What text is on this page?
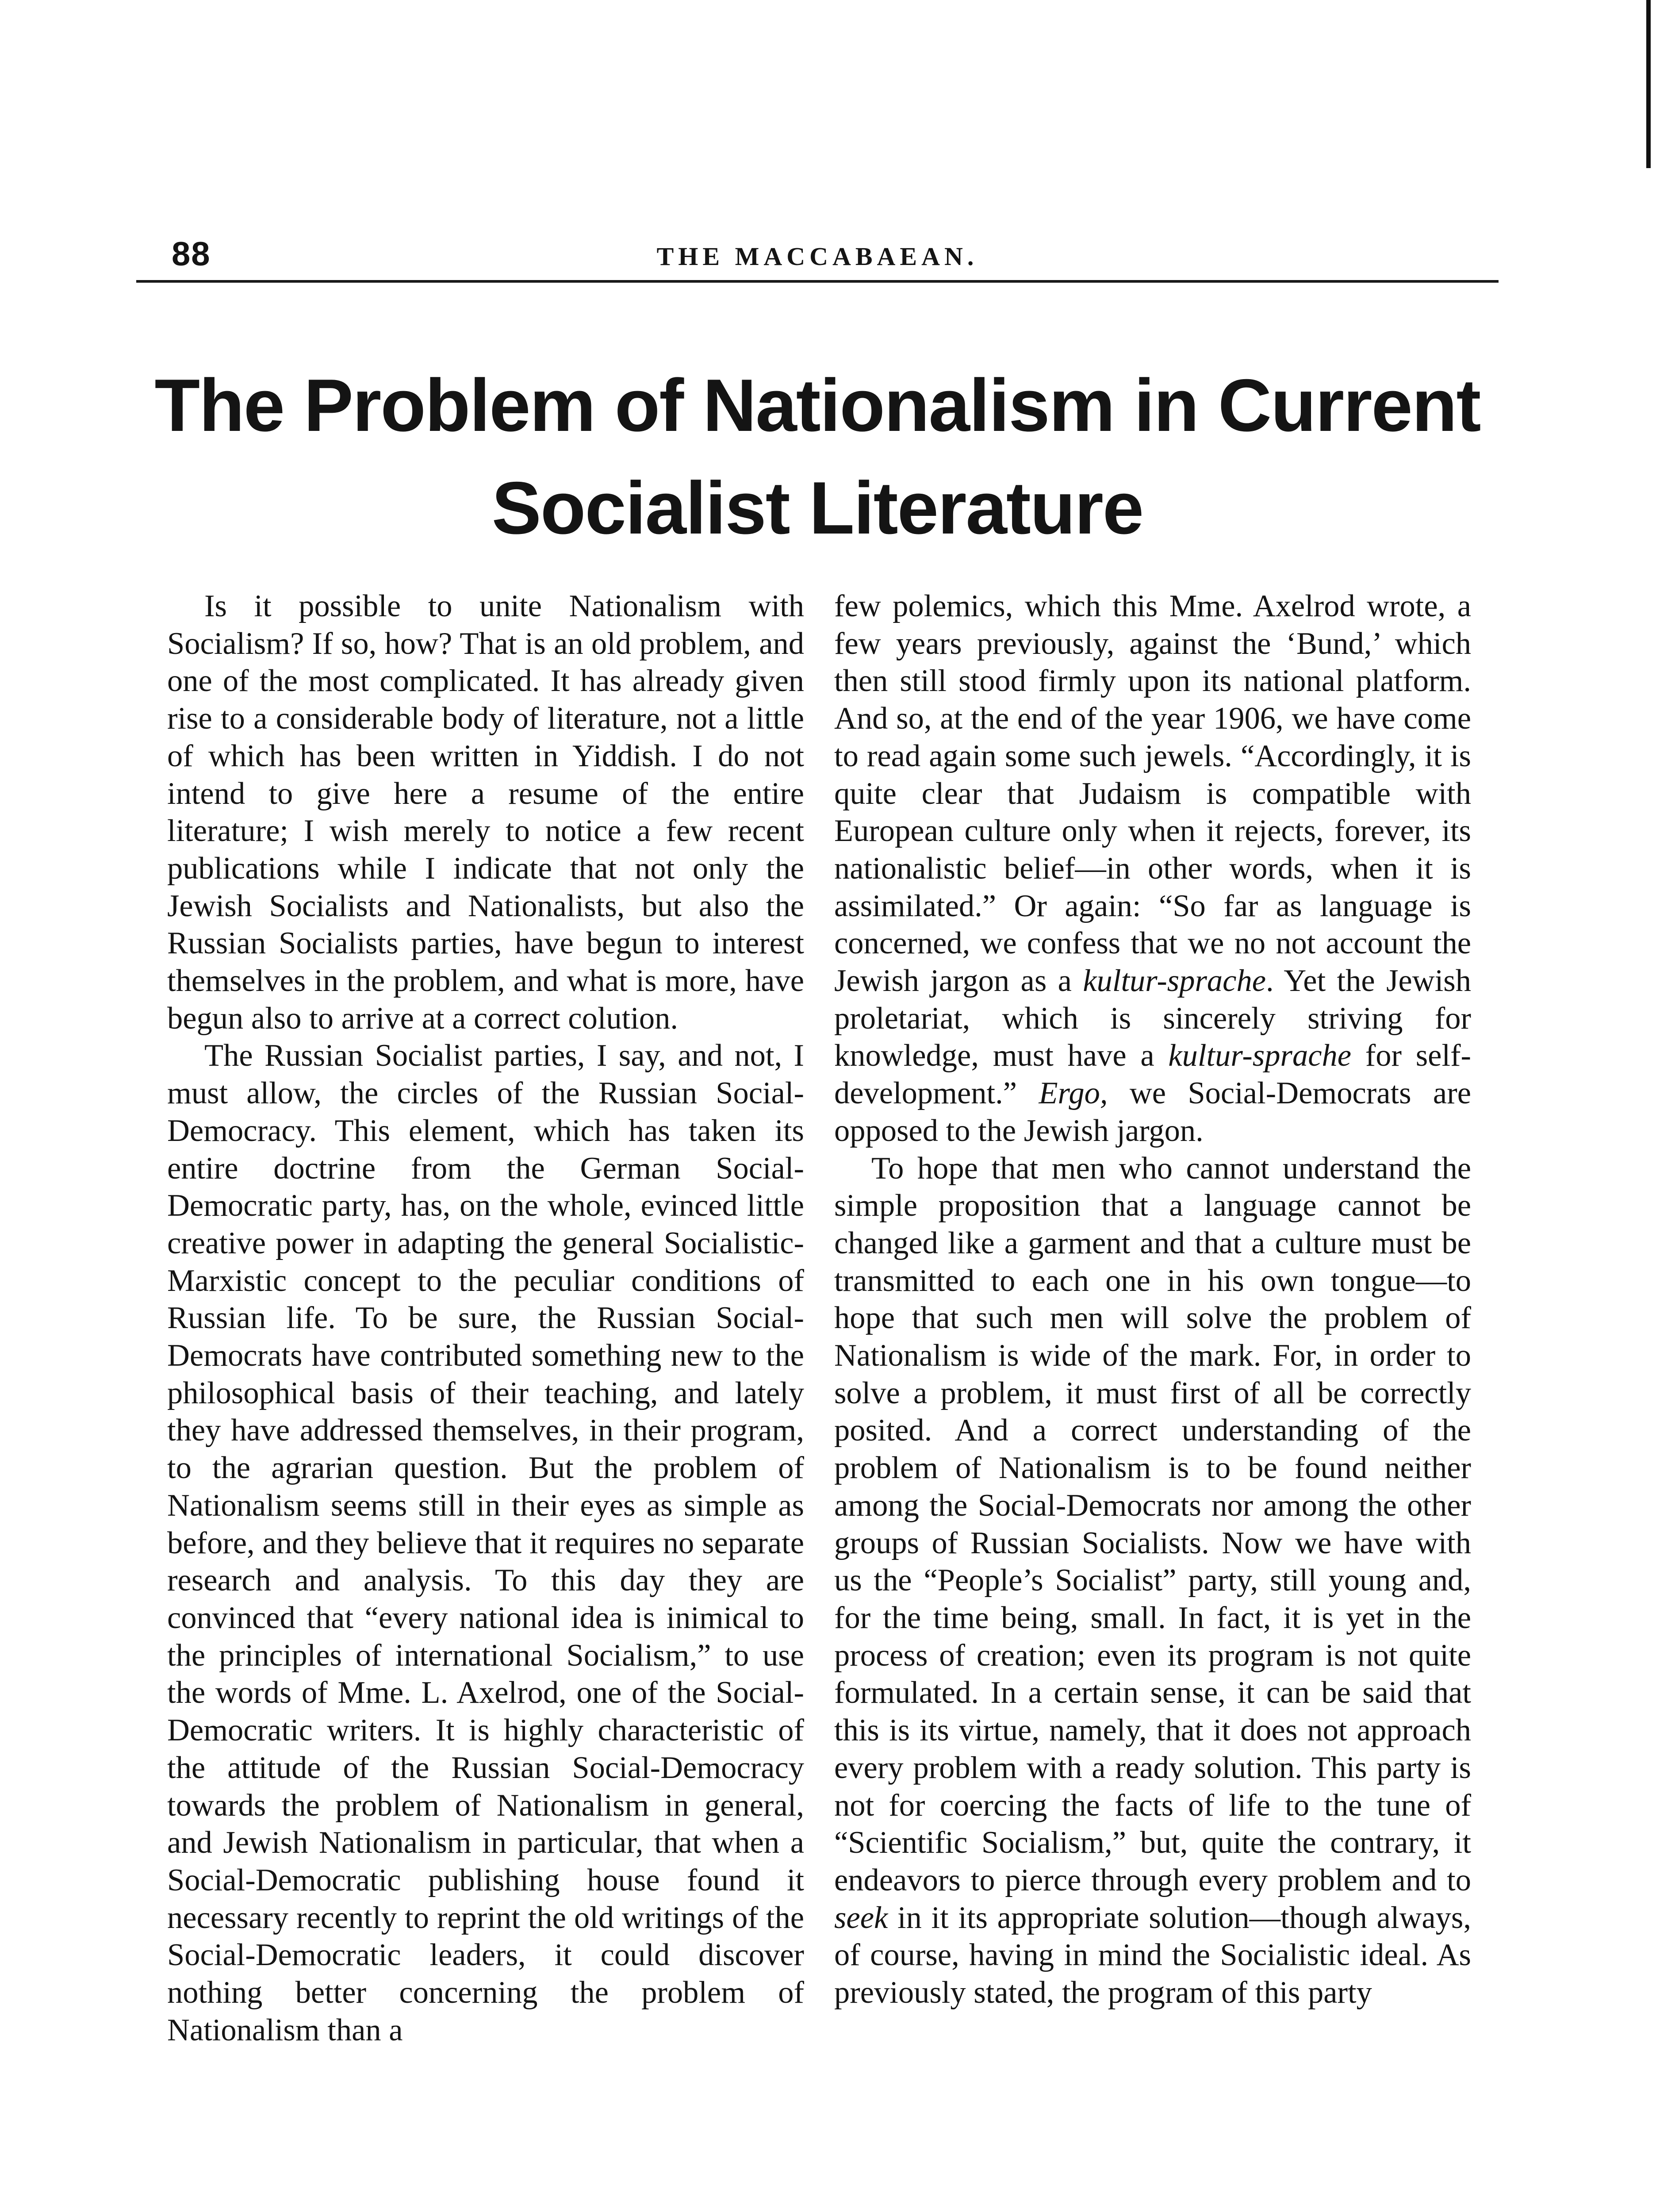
THE MACCABAEAN.
88
The Problem of Nationalism in Current
Socialist Literature

Is it possible to unite Nationalism with Socialism? If so, how? That is an old problem, and one of the most complicated. It has already given rise to a considerable body of literature, not a little of which has been written in Yiddish. I do not intend to give here a resume of the entire literature; I wish merely to notice a few recent publications while I indicate that not only the Jewish Socialists and Nationalists, but also the Russian Socialists parties, have begun to interest themselves in the problem, and what is more, have begun also to arrive at a correct colution.

The Russian Socialist parties, I say, and not, I must allow, the circles of the Russian Social-Democracy. This element, which has taken its entire doctrine from the German Social-Democratic party, has, on the whole, evinced little creative power in adapting the general Socialistic-Marxistic concept to the peculiar conditions of Russian life. To be sure, the Russian Social-Democrats have contributed something new to the philosophical basis of their teaching, and lately they have addressed themselves, in their program, to the agrarian question. But the problem of Nationalism seems still in their eyes as simple as before, and they believe that it requires no separate research and analysis. To this day they are convinced that “every national idea is inimical to the principles of international Socialism,” to use the words of Mme. L. Axelrod, one of the Social-Democratic writers. It is highly characteristic of the attitude of the Russian Social-Democracy towards the problem of Nationalism in general, and Jewish Nationalism in particular, that when a Social-Democratic publishing house found it necessary recently to reprint the old writings of the Social-Democratic leaders, it could discover nothing better concerning the problem of Nationalism than a

few polemics, which this Mme. Axelrod wrote, a few years previously, against the ‘Bund,’ which then still stood firmly upon its national platform. And so, at the end of the year 1906, we have come to read again some such jewels. “Accordingly, it is quite clear that Judaism is compatible with European culture only when it rejects, forever, its nationalistic belief—in other words, when it is assimilated.” Or again: “So far as language is concerned, we confess that we no not account the Jewish jargon as a kultur-sprache. Yet the Jewish proletariat, which is sincerely striving for knowledge, must have a kultur-sprache for self-development.” Ergo, we Social-Democrats are opposed to the Jewish jargon.

To hope that men who cannot understand the simple proposition that a language cannot be changed like a garment and that a culture must be transmitted to each one in his own tongue—to hope that such men will solve the problem of Nationalism is wide of the mark. For, in order to solve a problem, it must first of all be correctly posited. And a correct understanding of the problem of Nationalism is to be found neither among the Social-Democrats nor among the other groups of Russian Socialists. Now we have with us the “People’s Socialist” party, still young and, for the time being, small. In fact, it is yet in the process of creation; even its program is not quite formulated. In a certain sense, it can be said that this is its virtue, namely, that it does not approach every problem with a ready solution. This party is not for coercing the facts of life to the tune of “Scientific Socialism,” but, quite the contrary, it endeavors to pierce through every problem and to seek in it its appropriate solution—though always, of course, having in mind the Socialistic ideal. As previously stated, the program of this party
